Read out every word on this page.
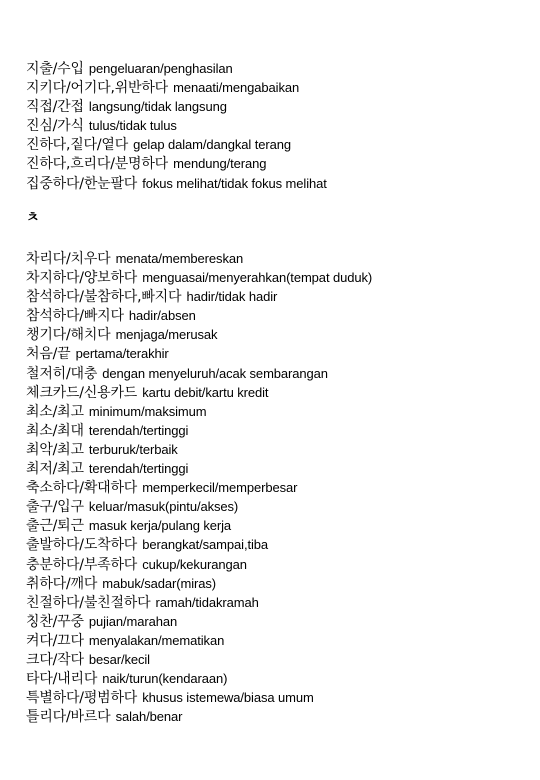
지출/수입 pengeluaran/penghasilan
지키다/어기다,위반하다 menaati/mengabaikan
직접/간접 langsung/tidak langsung
진심/가식 tulus/tidak tulus
진하다,짙다/옅다 gelap dalam/dangkal terang
진하다,흐리다/분명하다 mendung/terang
집중하다/한눈팔다 fokus melihat/tidak fokus melihat
ㅊ
차리다/치우다 menata/membereskan
차지하다/양보하다 menguasai/menyerahkan(tempat duduk)
참석하다/불참하다,빠지다 hadir/tidak hadir
참석하다/빠지다 hadir/absen
챙기다/해치다 menjaga/merusak
처음/끝 pertama/terakhir
철저히/대충 dengan menyeluruh/acak sembarangan
체크카드/신용카드 kartu debit/kartu kredit
최소/최고 minimum/maksimum
최소/최대 terendah/tertinggi
최악/최고 terburuk/terbaik
최저/최고 terendah/tertinggi
축소하다/확대하다 memperkecil/memperbesar
출구/입구 keluar/masuk(pintu/akses)
출근/퇴근 masuk kerja/pulang kerja
출발하다/도착하다 berangkat/sampai,tiba
충분하다/부족하다 cukup/kekurangan
취하다/깨다 mabuk/sadar(miras)
친절하다/불친절하다 ramah/tidakramah
칭찬/꾸중 pujian/marahan
켜다/끄다 menyalakan/mematikan
크다/작다 besar/kecil
타다/내리다 naik/turun(kendaraan)
특별하다/평범하다 khusus istemewa/biasa umum
틀리다/바르다 salah/benar
